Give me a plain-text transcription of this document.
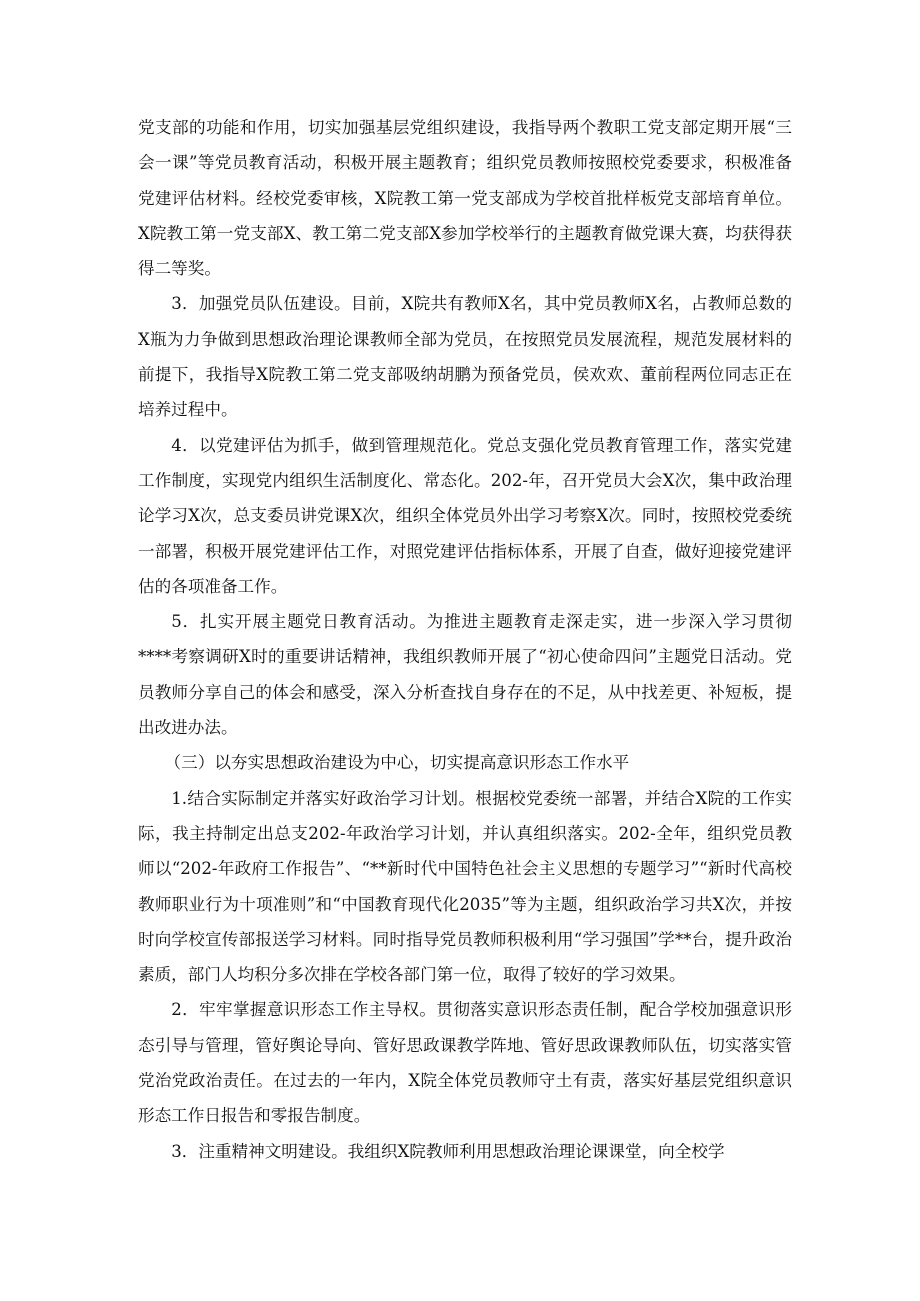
党支部的功能和作用，切实加强基层党组织建设，我指导两个教职工党支部定期开展“三会一课”等党员教育活动，积极开展主题教育；组织党员教师按照校党委要求，积极准备党建评估材料。经校党委审核，X院教工第一党支部成为学校首批样板党支部培育单位。X院教工第一党支部X、教工第二党支部X参加学校举行的主题教育做党课大赛，均获得获得二等奖。

3．加强党员队伍建设。目前，X院共有教师X名，其中党员教师X名，占教师总数的X瓶为力争做到思想政治理论课教师全部为党员，在按照党员发展流程，规范发展材料的前提下，我指导X院教工第二党支部吸纳胡鹏为预备党员，侯欢欢、董前程两位同志正在培养过程中。

4．以党建评估为抓手，做到管理规范化。党总支强化党员教育管理工作，落实党建工作制度，实现党内组织生活制度化、常态化。202-年，召开党员大会X次，集中政治理论学习X次，总支委员讲党课X次，组织全体党员外出学习考察X次。同时，按照校党委统一部署，积极开展党建评估工作，对照党建评估指标体系，开展了自查，做好迎接党建评估的各项准备工作。

5．扎实开展主题党日教育活动。为推进主题教育走深走实，进一步深入学习贯彻****考察调研X时的重要讲话精神，我组织教师开展了“初心使命四问”主题党日活动。党员教师分享自己的体会和感受，深入分析查找自身存在的不足，从中找差更、补短板，提出改进办法。

（三）以夯实思想政治建设为中心，切实提高意识形态工作水平

1.结合实际制定并落实好政治学习计划。根据校党委统一部署，并结合X院的工作实际，我主持制定出总支202-年政治学习计划，并认真组织落实。202-全年，组织党员教师以“202-年政府工作报告”、“**新时代中国特色社会主义思想的专题学习”“新时代高校教师职业行为十项准则”和“中国教育现代化2035”等为主题，组织政治学习共X次，并按时向学校宣传部报送学习材料。同时指导党员教师积极利用“学习强国”学**台，提升政治素质，部门人均积分多次排在学校各部门第一位，取得了较好的学习效果。

2．牢牢掌握意识形态工作主导权。贯彻落实意识形态责任制，配合学校加强意识形态引导与管理，管好舆论导向、管好思政课教学阵地、管好思政课教师队伍，切实落实管党治党政治责任。在过去的一年内，X院全体党员教师守土有责，落实好基层党组织意识形态工作日报告和零报告制度。

3．注重精神文明建设。我组织X院教师利用思想政治理论课课堂，向全校学
